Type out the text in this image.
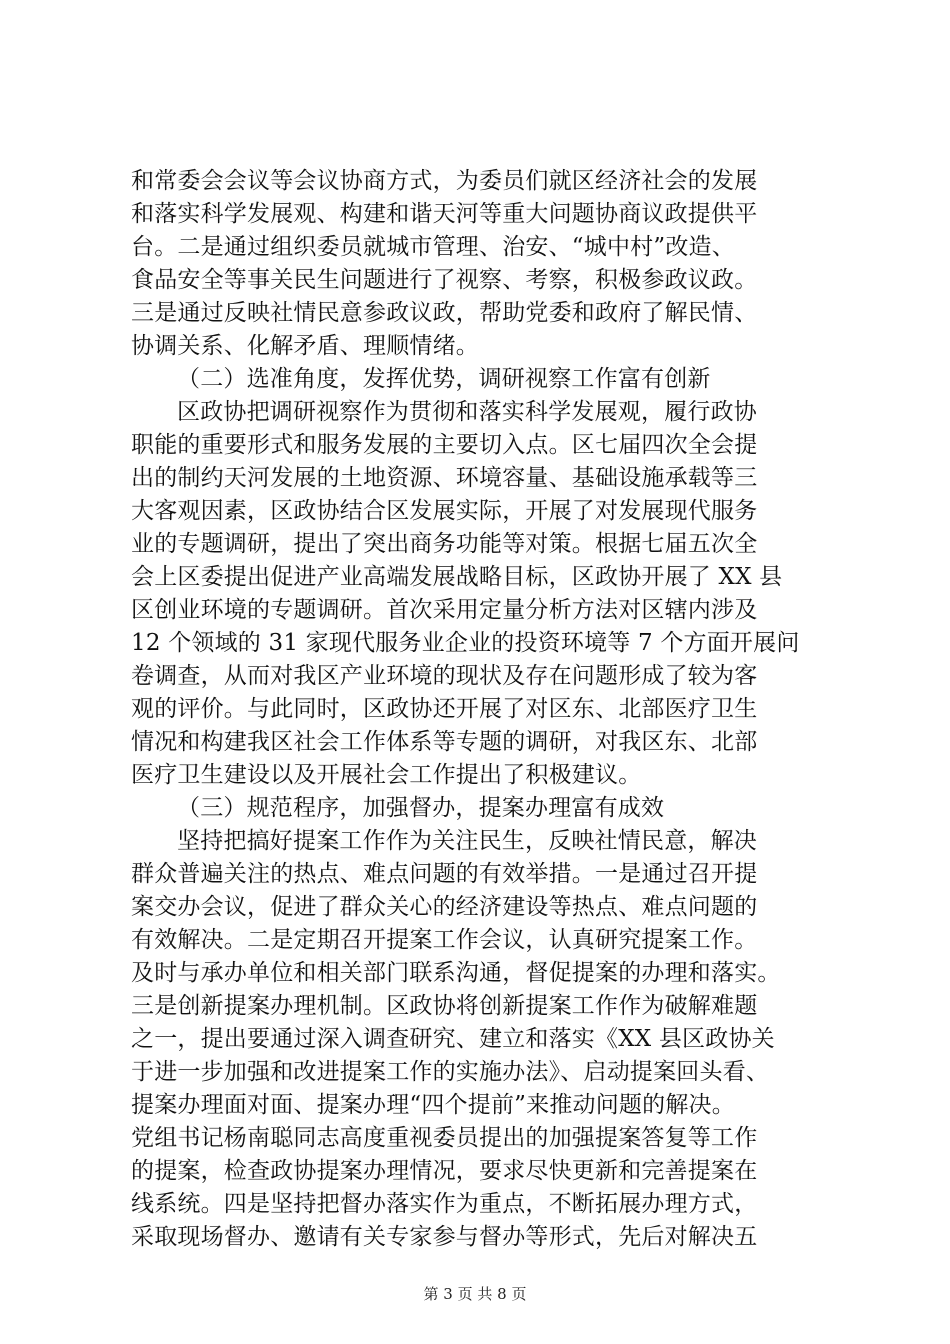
和常委会会议等会议协商方式，为委员们就区经济社会的发展
和落实科学发展观、构建和谐天河等重大问题协商议政提供平
台。二是通过组织委员就城市管理、治安、“城中村”改造、
食品安全等事关民生问题进行了视察、考察，积极参政议政。
三是通过反映社情民意参政议政，帮助党委和政府了解民情、
协调关系、化解矛盾、理顺情绪。
（二）选准角度，发挥优势，调研视察工作富有创新
区政协把调研视察作为贯彻和落实科学发展观，履行政协
职能的重要形式和服务发展的主要切入点。区七届四次全会提
出的制约天河发展的土地资源、环境容量、基础设施承载等三
大客观因素，区政协结合区发展实际，开展了对发展现代服务
业的专题调研，提出了突出商务功能等对策。根据七届五次全
会上区委提出促进产业高端发展战略目标，区政协开展了 XX 县
区创业环境的专题调研。首次采用定量分析方法对区辖内涉及
12 个领域的 31 家现代服务业企业的投资环境等 7 个方面开展问
卷调查，从而对我区产业环境的现状及存在问题形成了较为客
观的评价。与此同时，区政协还开展了对区东、北部医疗卫生
情况和构建我区社会工作体系等专题的调研，对我区东、北部
医疗卫生建设以及开展社会工作提出了积极建议。
（三）规范程序，加强督办，提案办理富有成效
坚持把搞好提案工作作为关注民生，反映社情民意，解决
群众普遍关注的热点、难点问题的有效举措。一是通过召开提
案交办会议，促进了群众关心的经济建设等热点、难点问题的
有效解决。二是定期召开提案工作会议，认真研究提案工作。
及时与承办单位和相关部门联系沟通，督促提案的办理和落实。
三是创新提案办理机制。区政协将创新提案工作作为破解难题
之一，提出要通过深入调查研究、建立和落实《XX 县区政协关
于进一步加强和改进提案工作的实施办法》、启动提案回头看、
提案办理面对面、提案办理“四个提前”来推动问题的解决。
党组书记杨南聪同志高度重视委员提出的加强提案答复等工作
的提案，检查政协提案办理情况，要求尽快更新和完善提案在
线系统。四是坚持把督办落实作为重点，不断拓展办理方式，
采取现场督办、邀请有关专家参与督办等形式，先后对解决五
第 3 页 共 8 页
